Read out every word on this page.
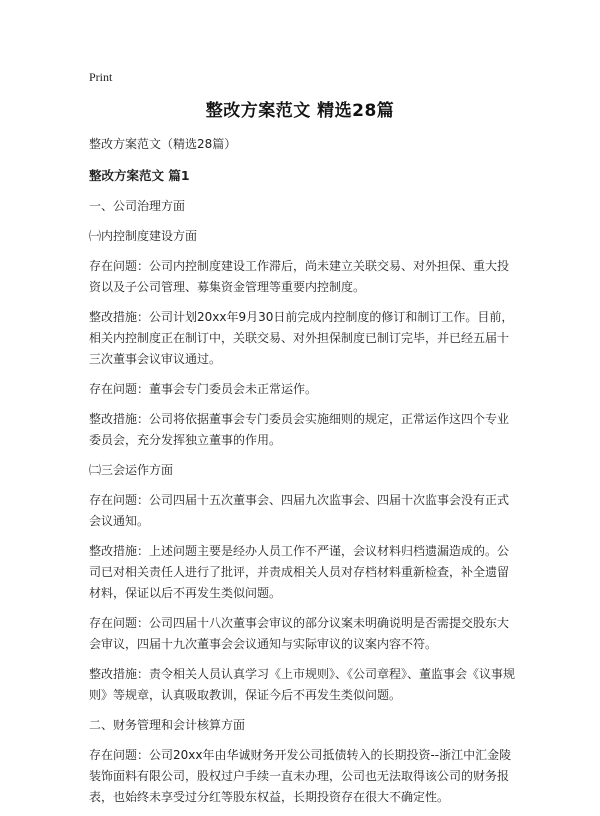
Print
整改方案范文 精选28篇
整改方案范文（精选28篇）
整改方案范文 篇1
一、公司治理方面
㈠内控制度建设方面
存在问题：公司内控制度建设工作滞后，尚未建立关联交易、对外担保、重大投资以及子公司管理、募集资金管理等重要内控制度。
整改措施：公司计划20xx年9月30日前完成内控制度的修订和制订工作。目前，相关内控制度正在制订中，关联交易、对外担保制度已制订完毕，并已经五届十三次董事会议审议通过。
存在问题：董事会专门委员会未正常运作。
整改措施：公司将依据董事会专门委员会实施细则的规定，正常运作这四个专业委员会，充分发挥独立董事的作用。
㈡三会运作方面
存在问题：公司四届十五次董事会、四届九次监事会、四届十次监事会没有正式会议通知。
整改措施：上述问题主要是经办人员工作不严谨，会议材料归档遗漏造成的。公司已对相关责任人进行了批评，并责成相关人员对存档材料重新检查，补全遗留材料，保证以后不再发生类似问题。
存在问题：公司四届十八次董事会审议的部分议案未明确说明是否需提交股东大会审议，四届十九次董事会会议通知与实际审议的议案内容不符。
整改措施：责令相关人员认真学习《上市规则》、《公司章程》、董监事会《议事规则》等规章，认真吸取教训，保证今后不再发生类似问题。
二、财务管理和会计核算方面
存在问题：公司20xx年由华诚财务开发公司抵债转入的长期投资--浙江中汇金陵装饰面料有限公司，股权过户手续一直未办理，公司也无法取得该公司的财务报表，也始终未享受过分红等股东权益，长期投资存在很大不确定性。
